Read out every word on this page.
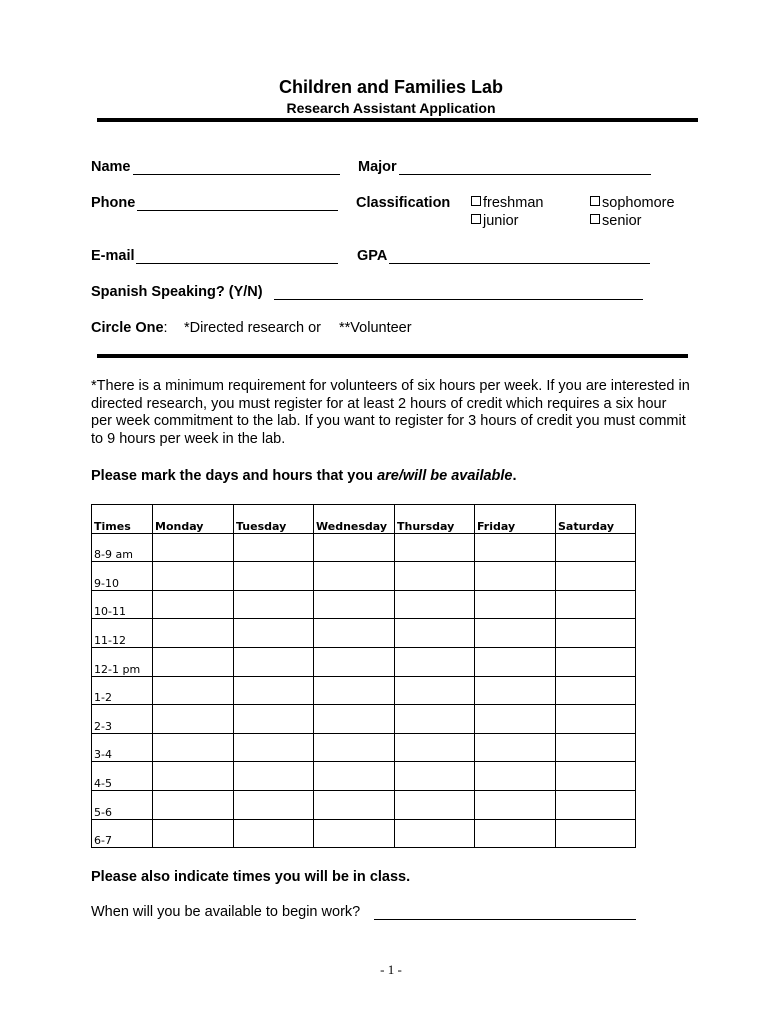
Children and Families Lab
Research Assistant Application
Name	Major
Phone	Classification	freshman	sophomore
junior	senior
E-mail	GPA
Spanish Speaking? (Y/N)
Circle One: *Directed research or **Volunteer
*There is a minimum requirement for volunteers of six hours per week. If you are interested in directed research, you must register for at least 2 hours of credit which requires a six hour per week commitment to the lab. If you want to register for 3 hours of credit you must commit to 9 hours per week in the lab.
Please mark the days and hours that you are/will be available.
Times	Monday	Tuesday	Wednesday	Thursday	Friday	Saturday
8-9 am						
9-10						
10-11						
11-12						
12-1 pm						
1-2						
2-3						
3-4						
4-5						
5-6						
6-7						
Please also indicate times you will be in class.
When will you be available to begin work?
- 1 -
